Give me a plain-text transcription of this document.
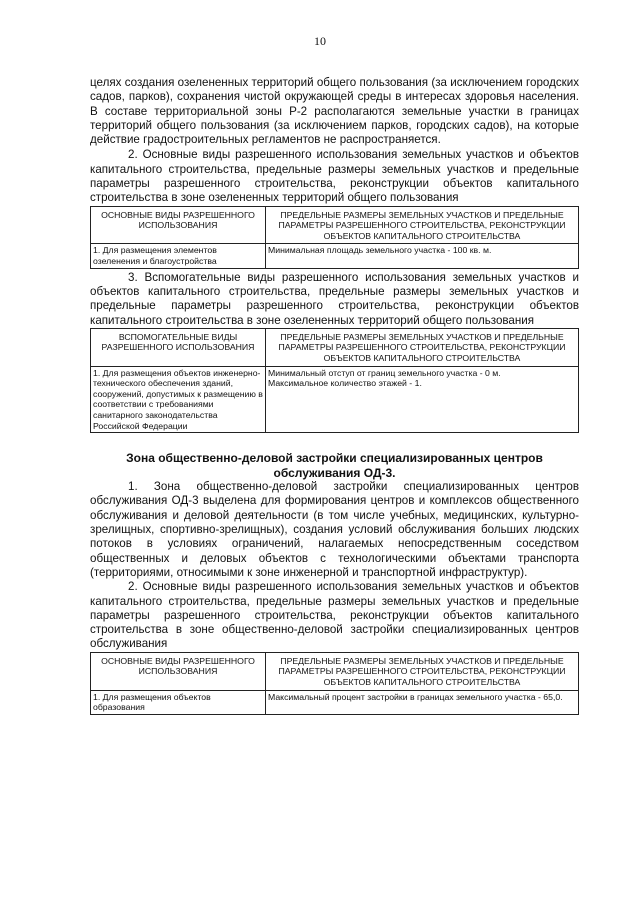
10

целях создания озелененных территорий общего пользования (за исключением городских садов, парков), сохранения чистой окружающей среды в интересах здоровья населения. В составе территориальной зоны Р-2 располагаются земельные участки в границах территорий общего пользования (за исключением парков, городских садов), на которые действие градостроительных регламентов не распространяется.

2. Основные виды разрешенного использования земельных участков и объектов капитального строительства, предельные размеры земельных участков и предельные параметры разрешенного строительства, реконструкции объектов капитального строительства в зоне озелененных территорий общего пользования

ОСНОВНЫЕ ВИДЫ РАЗРЕШЕННОГО ИСПОЛЬЗОВАНИЯ	ПРЕДЕЛЬНЫЕ РАЗМЕРЫ ЗЕМЕЛЬНЫХ УЧАСТКОВ И ПРЕДЕЛЬНЫЕ ПАРАМЕТРЫ РАЗРЕШЕННОГО СТРОИТЕЛЬСТВА, РЕКОНСТРУКЦИИ ОБЪЕКТОВ КАПИТАЛЬНОГО СТРОИТЕЛЬСТВА
1. Для размещения элементов озеленения и благоустройства	Минимальная площадь земельного участка - 100 кв. м.

3. Вспомогательные виды разрешенного использования земельных участков и объектов капитального строительства, предельные размеры земельных участков и предельные параметры разрешенного строительства, реконструкции объектов капитального строительства в зоне озелененных территорий общего пользования

ВСПОМОГАТЕЛЬНЫЕ ВИДЫ РАЗРЕШЕННОГО ИСПОЛЬЗОВАНИЯ	ПРЕДЕЛЬНЫЕ РАЗМЕРЫ ЗЕМЕЛЬНЫХ УЧАСТКОВ И ПРЕДЕЛЬНЫЕ ПАРАМЕТРЫ РАЗРЕШЕННОГО СТРОИТЕЛЬСТВА, РЕКОНСТРУКЦИИ ОБЪЕКТОВ КАПИТАЛЬНОГО СТРОИТЕЛЬСТВА
1. Для размещения объектов инженерно-технического обеспечения зданий, сооружений, допустимых к размещению в соответствии с требованиями санитарного законодательства Российской Федерации	Минимальный отступ от границ земельного участка - 0 м.
Максимальное количество этажей - 1.
Зона общественно-деловой застройки специализированных центров обслуживания ОД-3.

1. Зона общественно-деловой застройки специализированных центров обслуживания ОД-3 выделена для формирования центров и комплексов общественного обслуживания и деловой деятельности (в том числе учебных, медицинских, культурно-зрелищных, спортивно-зрелищных), создания условий обслуживания больших людских потоков в условиях ограничений, налагаемых непосредственным соседством общественных и деловых объектов с технологическими объектами транспорта (территориями, относимыми к зоне инженерной и транспортной инфраструктур).

2. Основные виды разрешенного использования земельных участков и объектов капитального строительства, предельные размеры земельных участков и предельные параметры разрешенного строительства, реконструкции объектов капитального строительства в зоне общественно-деловой застройки специализированных центров обслуживания

ОСНОВНЫЕ ВИДЫ РАЗРЕШЕННОГО ИСПОЛЬЗОВАНИЯ	ПРЕДЕЛЬНЫЕ РАЗМЕРЫ ЗЕМЕЛЬНЫХ УЧАСТКОВ И ПРЕДЕЛЬНЫЕ ПАРАМЕТРЫ РАЗРЕШЕННОГО СТРОИТЕЛЬСТВА, РЕКОНСТРУКЦИИ ОБЪЕКТОВ КАПИТАЛЬНОГО СТРОИТЕЛЬСТВА
1. Для размещения объектов образования	Максимальный процент застройки в границах земельного участка - 65,0.
